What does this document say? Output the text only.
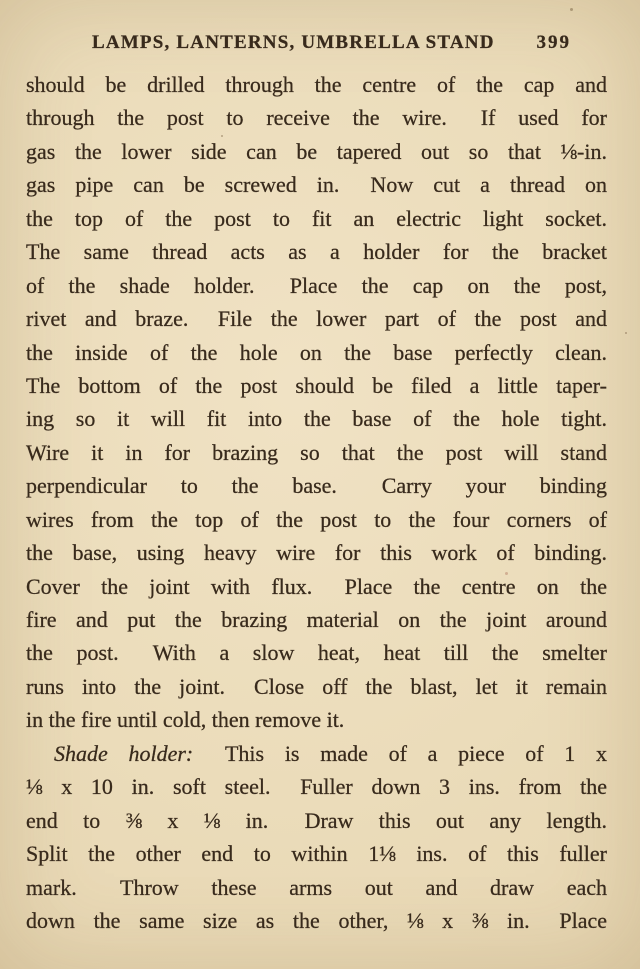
LAMPS, LANTERNS, UMBRELLA STAND 399
should be drilled through the centre of the cap and
through the post to receive the wire.  If used for
gas the lower side can be tapered out so that ⅛-in.
gas pipe can be screwed in.  Now cut a thread on
the top of the post to fit an electric light socket.
The same thread acts as a holder for the bracket
of the shade holder.  Place the cap on the post,
rivet and braze.  File the lower part of the post and
the inside of the hole on the base perfectly clean.
The bottom of the post should be filed a little taper-
ing so it will fit into the base of the hole tight.
Wire it in for brazing so that the post will stand
perpendicular to the base.  Carry your binding
wires from the top of the post to the four corners of
the base, using heavy wire for this work of binding.
Cover the joint with flux.  Place the centre on the
fire and put the brazing material on the joint around
the post.  With a slow heat, heat till the smelter
runs into the joint.  Close off the blast, let it remain
in the fire until cold, then remove it.
Shade holder:  This is made of a piece of 1 x
⅛ x 10 in. soft steel.  Fuller down 3 ins. from the
end to ⅜ x ⅛ in.  Draw this out any length.
Split the other end to within 1⅛ ins. of this fuller
mark.  Throw these arms out and draw each
down the same size as the other, ⅛ x ⅜ in.  Place
